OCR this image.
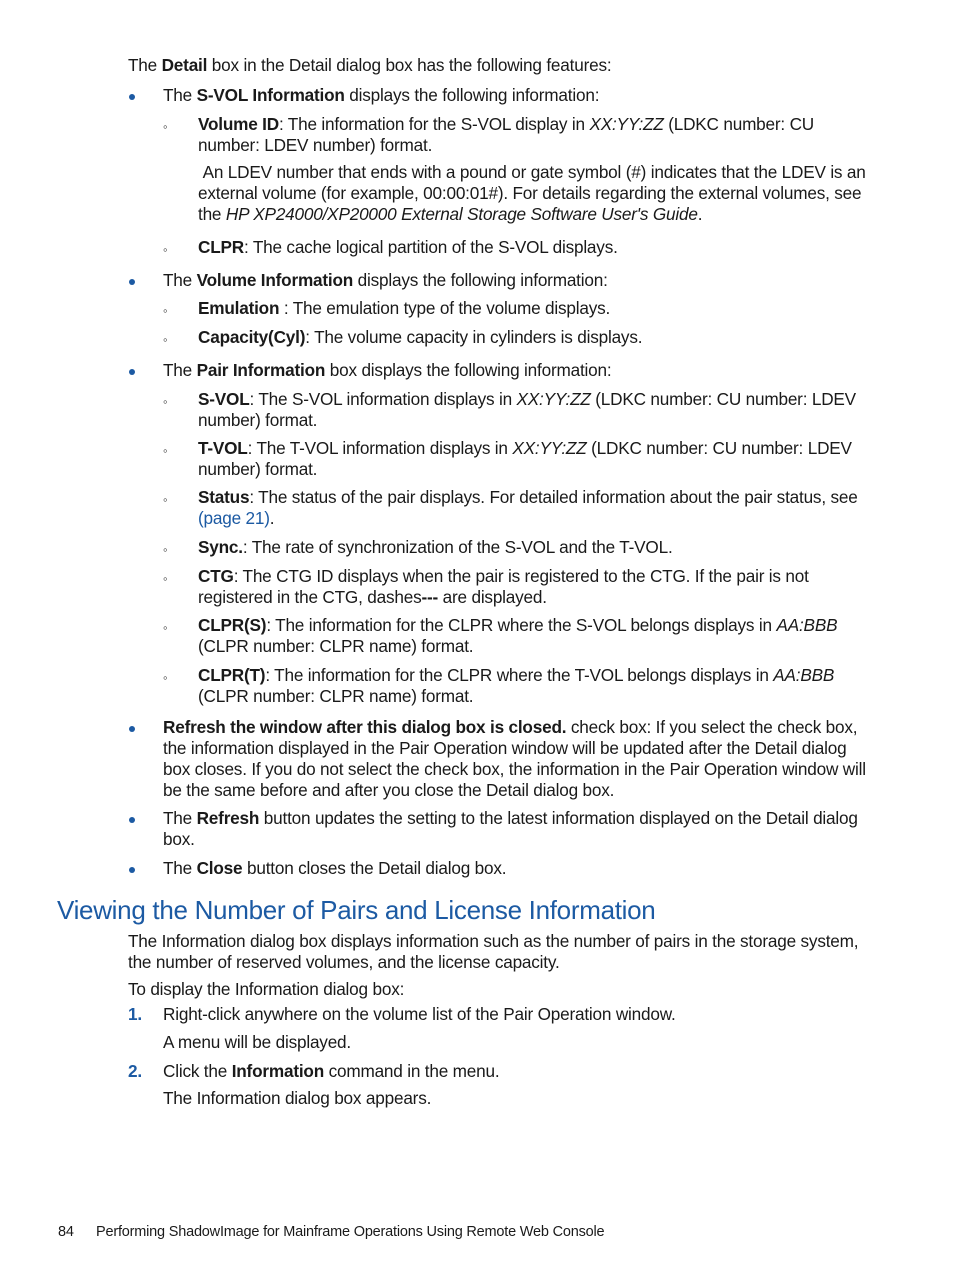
The Detail box in the Detail dialog box has the following features:
The S-VOL Information displays the following information:
◦ Volume ID: The information for the S-VOL display in XX:YY:ZZ (LDKC number: CU number: LDEV number) format.
An LDEV number that ends with a pound or gate symbol (#) indicates that the LDEV is an external volume (for example, 00:00:01#). For details regarding the external volumes, see the HP XP24000/XP20000 External Storage Software User's Guide.
◦ CLPR: The cache logical partition of the S-VOL displays.
The Volume Information displays the following information:
◦ Emulation : The emulation type of the volume displays.
◦ Capacity(Cyl): The volume capacity in cylinders is displays.
The Pair Information box displays the following information:
◦ S-VOL: The S-VOL information displays in XX:YY:ZZ (LDKC number: CU number: LDEV number) format.
◦ T-VOL: The T-VOL information displays in XX:YY:ZZ (LDKC number: CU number: LDEV number) format.
◦ Status: The status of the pair displays. For detailed information about the pair status, see (page 21).
◦ Sync.: The rate of synchronization of the S-VOL and the T-VOL.
◦ CTG: The CTG ID displays when the pair is registered to the CTG. If the pair is not registered in the CTG, dashes--- are displayed.
◦ CLPR(S): The information for the CLPR where the S-VOL belongs displays in AA:BBB (CLPR number: CLPR name) format.
◦ CLPR(T): The information for the CLPR where the T-VOL belongs displays in AA:BBB (CLPR number: CLPR name) format.
Refresh the window after this dialog box is closed. check box: If you select the check box, the information displayed in the Pair Operation window will be updated after the Detail dialog box closes. If you do not select the check box, the information in the Pair Operation window will be the same before and after you close the Detail dialog box.
The Refresh button updates the setting to the latest information displayed on the Detail dialog box.
The Close button closes the Detail dialog box.
Viewing the Number of Pairs and License Information
The Information dialog box displays information such as the number of pairs in the storage system, the number of reserved volumes, and the license capacity.
To display the Information dialog box:
1. Right-click anywhere on the volume list of the Pair Operation window.
A menu will be displayed.
2. Click the Information command in the menu.
The Information dialog box appears.
84 Performing ShadowImage for Mainframe Operations Using Remote Web Console
